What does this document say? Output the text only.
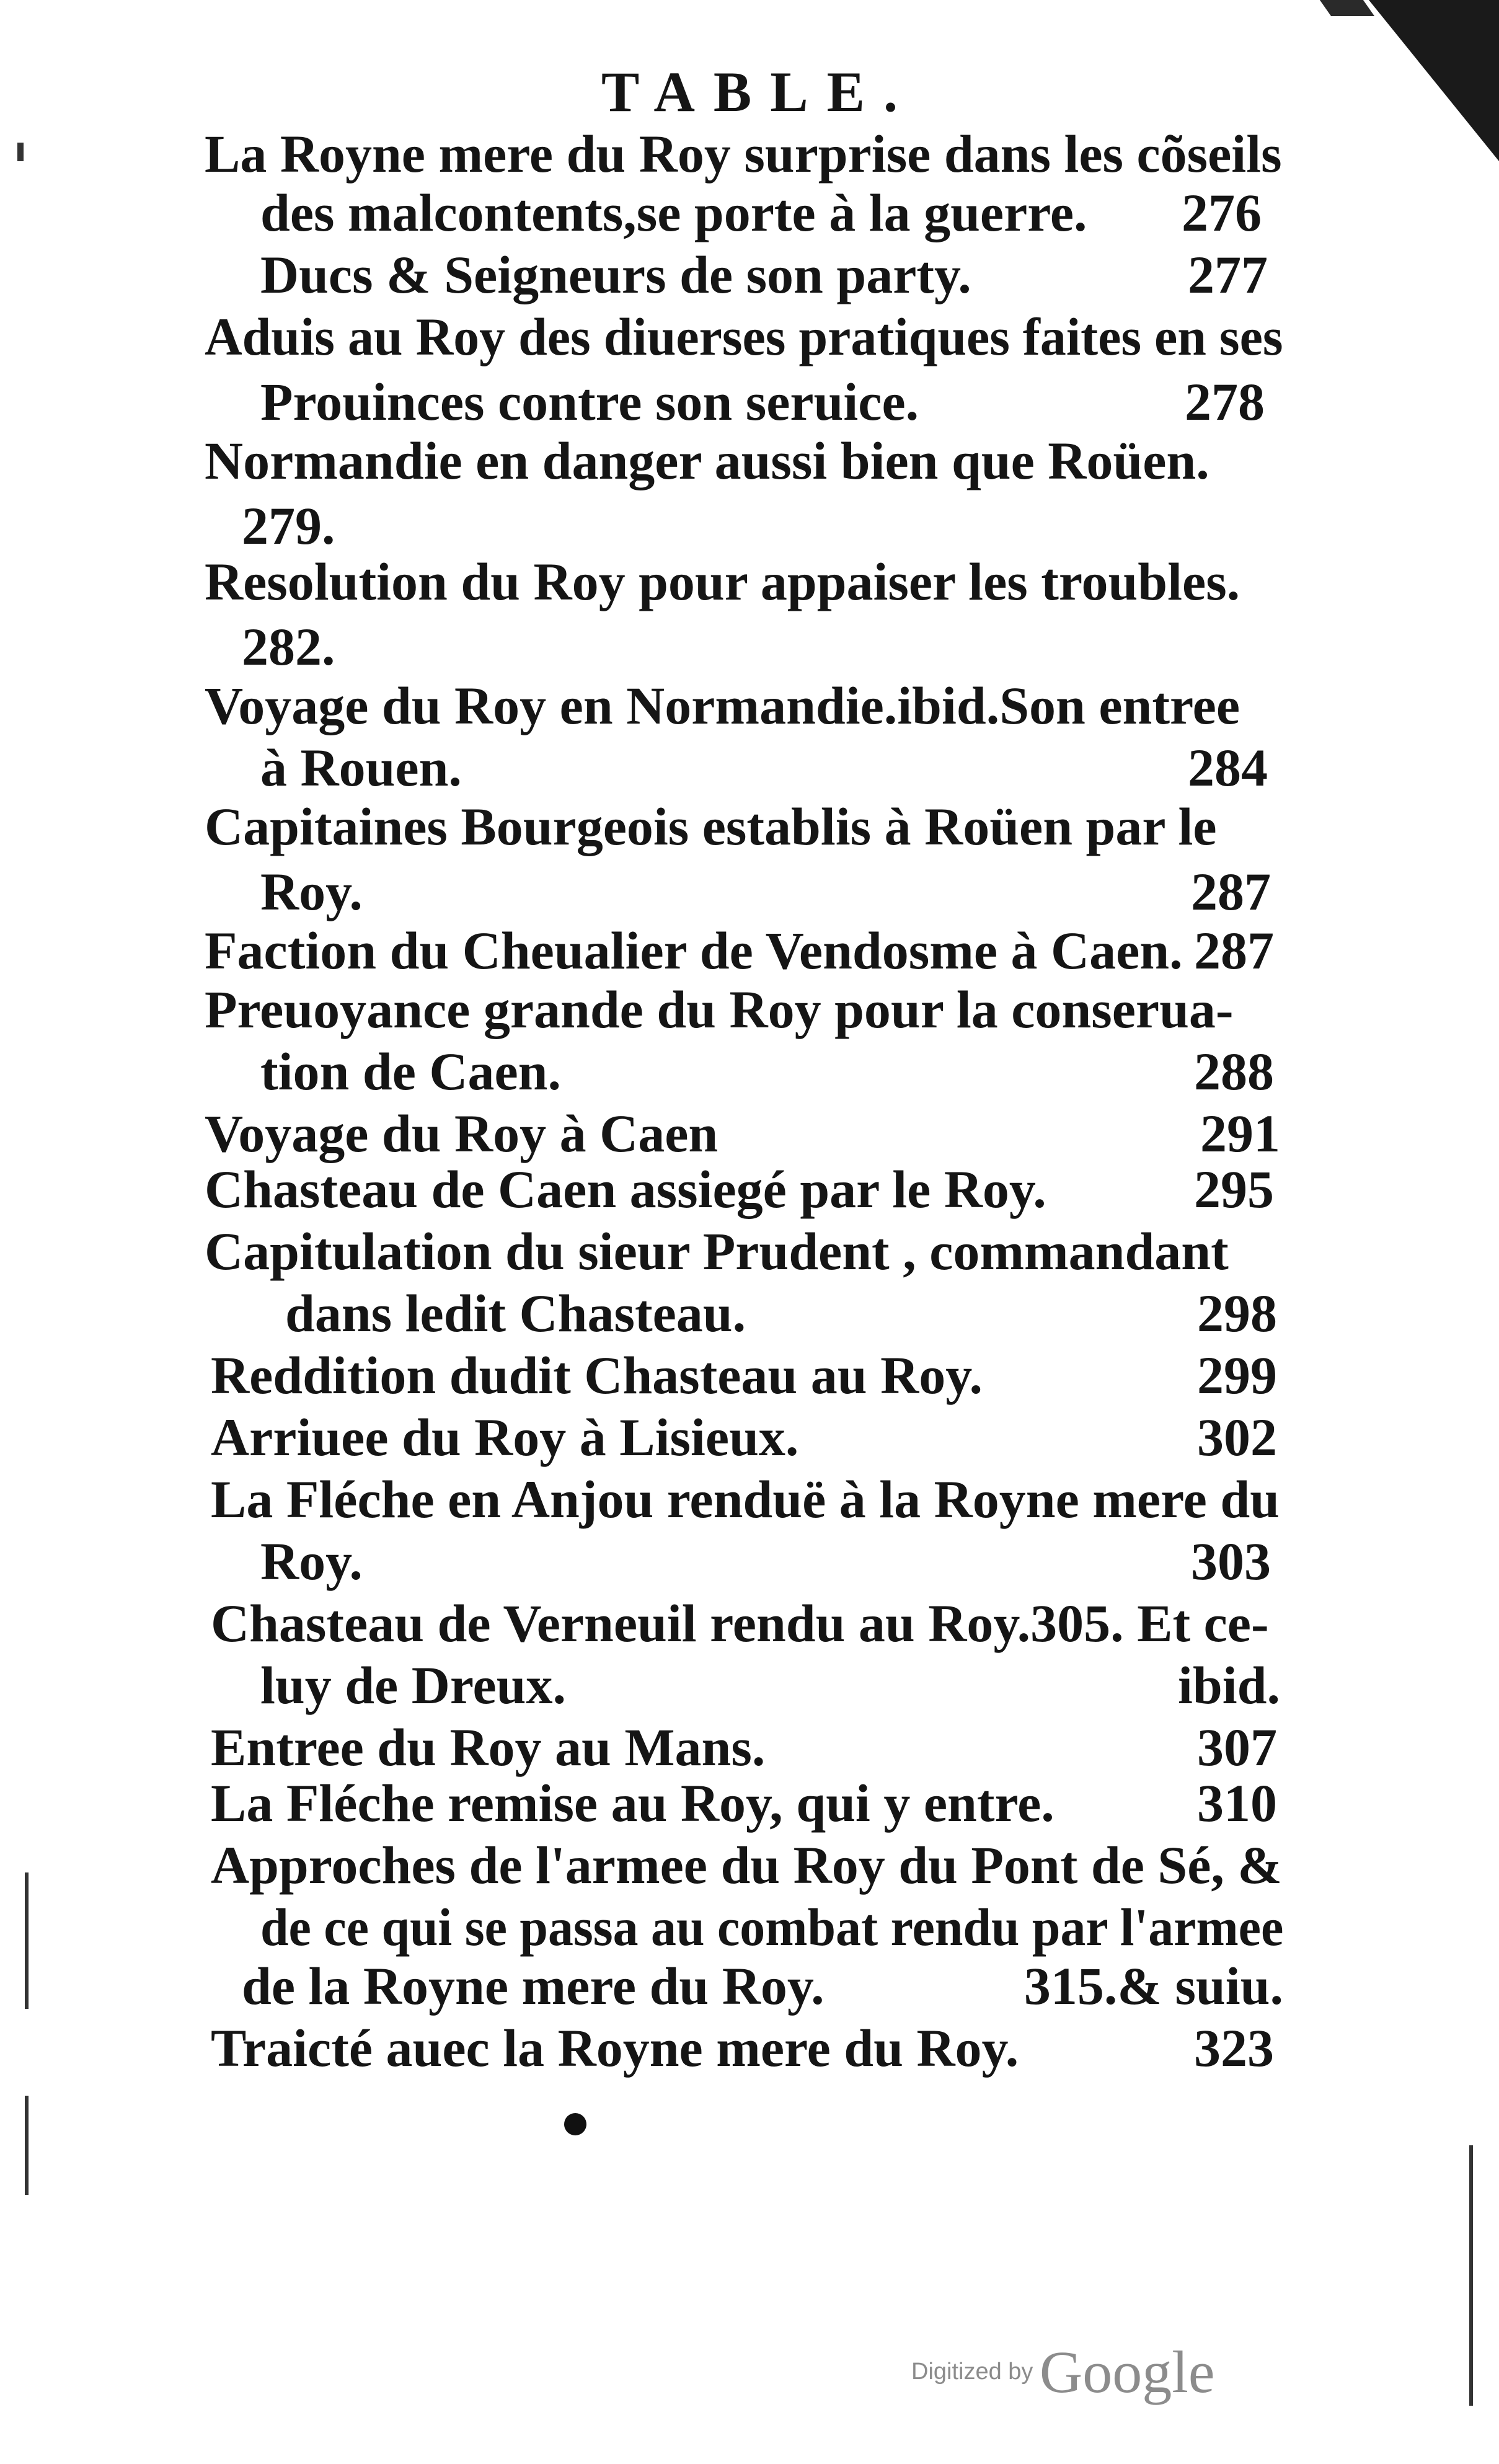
TABLE.
La Royne mere du Roy surprise dans les cõseils
des malcontents,se porte à la guerre. 276
Ducs & Seigneurs de son party.	277
Aduis au Roy des diuerses pratiques faites en ses
Prouinces contre son seruice.	278
Normandie en danger aussi bien que Roüen.
279.
Resolution du Roy pour appaiser les troubles.
282.
Voyage du Roy en Normandie.ibid.Son entree
à Rouen.	284
Capitaines Bourgeois establis à Roüen par le
Roy.	287
Faction du Cheualier de Vendosme à Caen. 287
Preuoyance grande du Roy pour la conserua-
tion de Caen.	288
Voyage du Roy à Caen	291
Chasteau de Caen assiegé par le Roy.	295
Capitulation du sieur Prudent , commandant
dans ledit Chasteau.	298
Reddition dudit Chasteau au Roy.	299
Arriuee du Roy à Lisieux.	302
La Fléche en Anjou renduë à la Royne mere du
Roy.	303
Chasteau de Verneuil rendu au Roy.305. Et ce-
luy de Dreux.	ibid.
Entree du Roy au Mans.	307
La Fléche remise au Roy, qui y entre.	310
Approches de l'armee du Roy du Pont de Sé, &
de ce qui se passa au combat rendu par l'armee
de la Royne mere du Roy.	315.& suiu.
Traicté auec la Royne mere du Roy.	323
Digitized by Google
